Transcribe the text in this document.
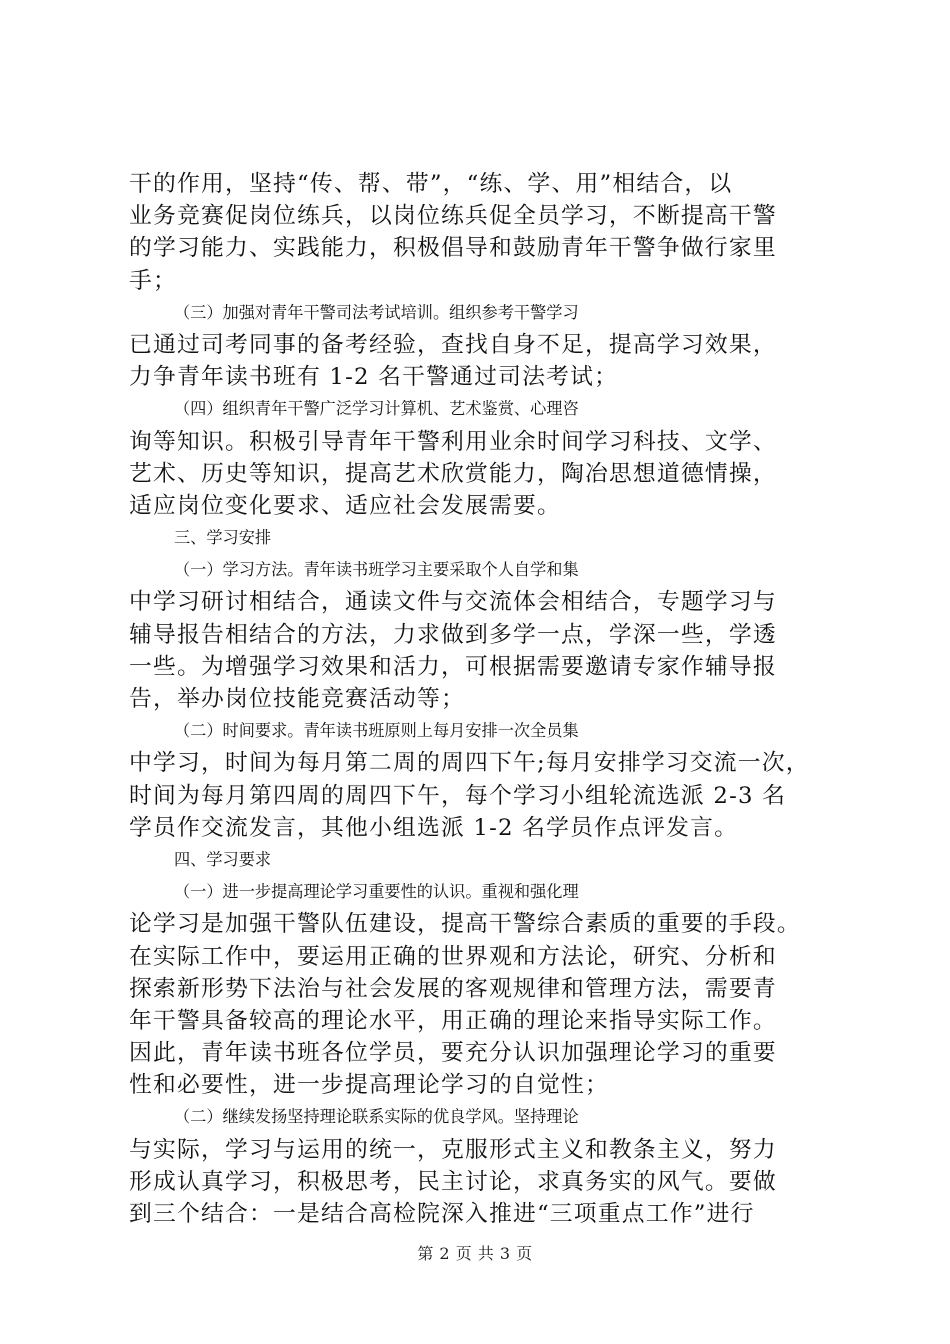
干的作用，坚持“传、帮、带”，“练、学、用”相结合，以
业务竞赛促岗位练兵，以岗位练兵促全员学习，不断提高干警
的学习能力、实践能力，积极倡导和鼓励青年干警争做行家里
手；
（三）加强对青年干警司法考试培训。组织参考干警学习
已通过司考同事的备考经验，查找自身不足，提高学习效果，
力争青年读书班有 1-2 名干警通过司法考试；
（四）组织青年干警广泛学习计算机、艺术鉴赏、心理咨
询等知识。积极引导青年干警利用业余时间学习科技、文学、
艺术、历史等知识，提高艺术欣赏能力，陶冶思想道德情操，
适应岗位变化要求、适应社会发展需要。
三、学习安排
（一）学习方法。青年读书班学习主要采取个人自学和集
中学习研讨相结合，通读文件与交流体会相结合，专题学习与
辅导报告相结合的方法，力求做到多学一点，学深一些，学透
一些。为增强学习效果和活力，可根据需要邀请专家作辅导报
告，举办岗位技能竞赛活动等；
（二）时间要求。青年读书班原则上每月安排一次全员集
中学习，时间为每月第二周的周四下午;每月安排学习交流一次，
时间为每月第四周的周四下午，每个学习小组轮流选派 2-3 名
学员作交流发言，其他小组选派 1-2 名学员作点评发言。
四、学习要求
（一）进一步提高理论学习重要性的认识。重视和强化理
论学习是加强干警队伍建设，提高干警综合素质的重要的手段。
在实际工作中，要运用正确的世界观和方法论，研究、分析和
探索新形势下法治与社会发展的客观规律和管理方法，需要青
年干警具备较高的理论水平，用正确的理论来指导实际工作。
因此，青年读书班各位学员，要充分认识加强理论学习的重要
性和必要性，进一步提高理论学习的自觉性；
（二）继续发扬坚持理论联系实际的优良学风。坚持理论
与实际，学习与运用的统一，克服形式主义和教条主义，努力
形成认真学习，积极思考，民主讨论，求真务实的风气。要做
到三个结合：一是结合高检院深入推进“三项重点工作”进行
第 2 页 共 3 页
